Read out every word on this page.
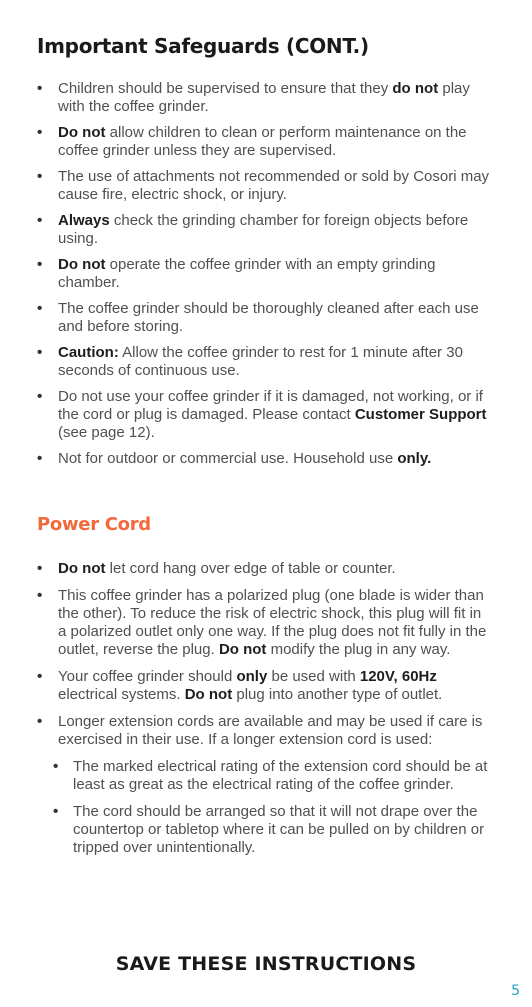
Important Safeguards (CONT.)
• Children should be supervised to ensure that they do not play with the coffee grinder.
• Do not allow children to clean or perform maintenance on the coffee grinder unless they are supervised.
• The use of attachments not recommended or sold by Cosori may cause fire, electric shock, or injury.
• Always check the grinding chamber for foreign objects before using.
• Do not operate the coffee grinder with an empty grinding chamber.
• The coffee grinder should be thoroughly cleaned after each use and before storing.
• Caution: Allow the coffee grinder to rest for 1 minute after 30 seconds of continuous use.
• Do not use your coffee grinder if it is damaged, not working, or if the cord or plug is damaged. Please contact Customer Support (see page 12).
• Not for outdoor or commercial use. Household use only.
Power Cord
• Do not let cord hang over edge of table or counter.
• This coffee grinder has a polarized plug (one blade is wider than the other). To reduce the risk of electric shock, this plug will fit in a polarized outlet only one way. If the plug does not fit fully in the outlet, reverse the plug. Do not modify the plug in any way.
• Your coffee grinder should only be used with 120V, 60Hz electrical systems. Do not plug into another type of outlet.
• Longer extension cords are available and may be used if care is exercised in their use. If a longer extension cord is used:
• The marked electrical rating of the extension cord should be at least as great as the electrical rating of the coffee grinder.
• The cord should be arranged so that it will not drape over the countertop or tabletop where it can be pulled on by children or tripped over unintentionally.
SAVE THESE INSTRUCTIONS
5
